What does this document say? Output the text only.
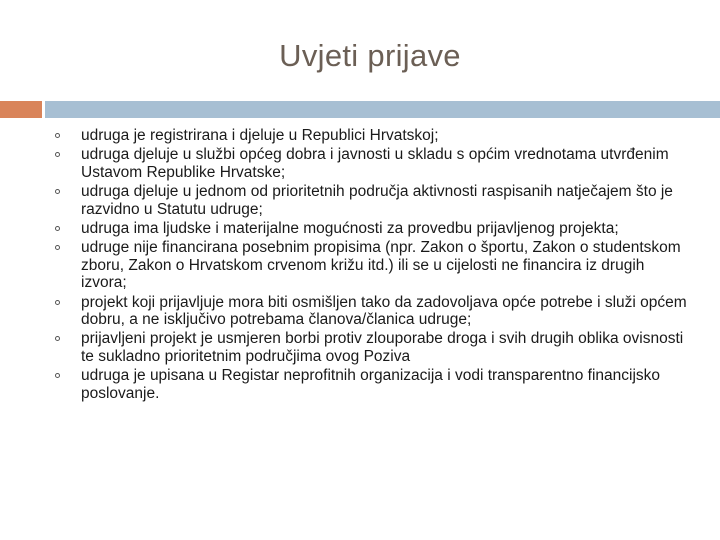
Uvjeti prijave
udruga je registrirana i djeluje u Republici Hrvatskoj;
udruga djeluje u službi općeg dobra i javnosti u skladu s općim vrednotama utvrđenim Ustavom Republike Hrvatske;
udruga djeluje u jednom od prioritetnih područja aktivnosti raspisanih natječajem što je razvidno u Statutu udruge;
udruga ima ljudske i materijalne mogućnosti za provedbu prijavljenog projekta;
udruge nije financirana posebnim propisima (npr. Zakon o športu, Zakon o studentskom zboru, Zakon o Hrvatskom crvenom križu itd.) ili se u cijelosti ne financira iz drugih izvora;
projekt koji prijavljuje mora biti osmišljen tako da zadovoljava opće potrebe i služi općem dobru, a ne isključivo potrebama članova/članica udruge;
prijavljeni projekt je usmjeren borbi protiv zlouporabe droga i svih drugih oblika ovisnosti te sukladno prioritetnim područjima ovog Poziva
udruga je upisana u Registar neprofitnih organizacija i vodi transparentno financijsko poslovanje.
